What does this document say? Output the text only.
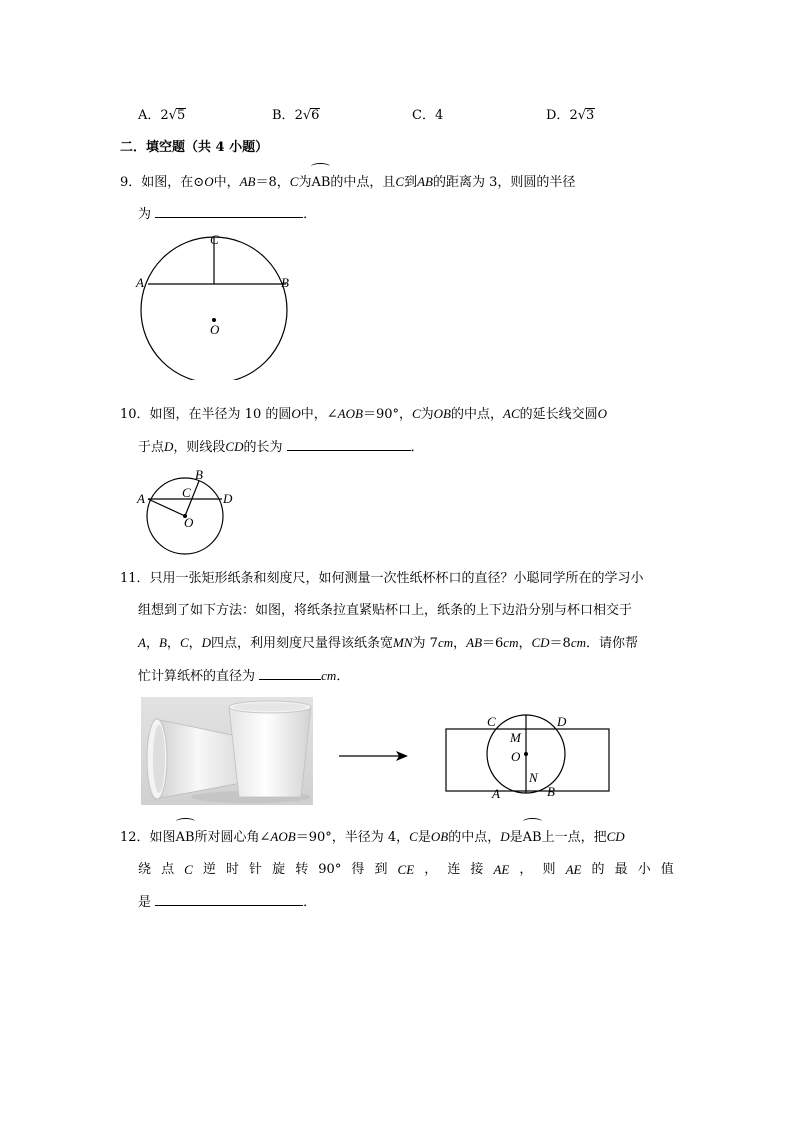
A．2√5	B．2√6	C．4	D．2√3
二．填空题（共 4 小题）
9．如图，在⊙O中，AB＝8，C为AB的中点，且C到AB的距离为 3，则圆的半径
为	．
C
A	B
O
10．如图，在半径为 10 的圆O中，∠AOB＝90°，C为OB的中点，AC的延长线交圆O
于点D，则线段CD的长为	．
B
A	C D
O
11．只用一张矩形纸条和刻度尺，如何测量一次性纸杯杯口的直径？小聪同学所在的学习小
组想到了如下方法：如图，将纸条拉直紧贴杯口上，纸条的上下边沿分别与杯口相交于
A，B，C，D四点，利用刻度尺量得该纸条宽MN为 7cm，AB＝6cm，CD＝8cm．请你帮
忙计算纸杯的直径为	cm．
C	D
M
O
N
A	B
12．如图AB所对圆心角∠AOB＝90°，半径为 4，C是OB的中点，D是AB上一点，把CD
绕 点 C 逆 时 针 旋 转 90° 得 到 CE ， 连 接 AE ， 则 AE 的 最 小 值
是	．
